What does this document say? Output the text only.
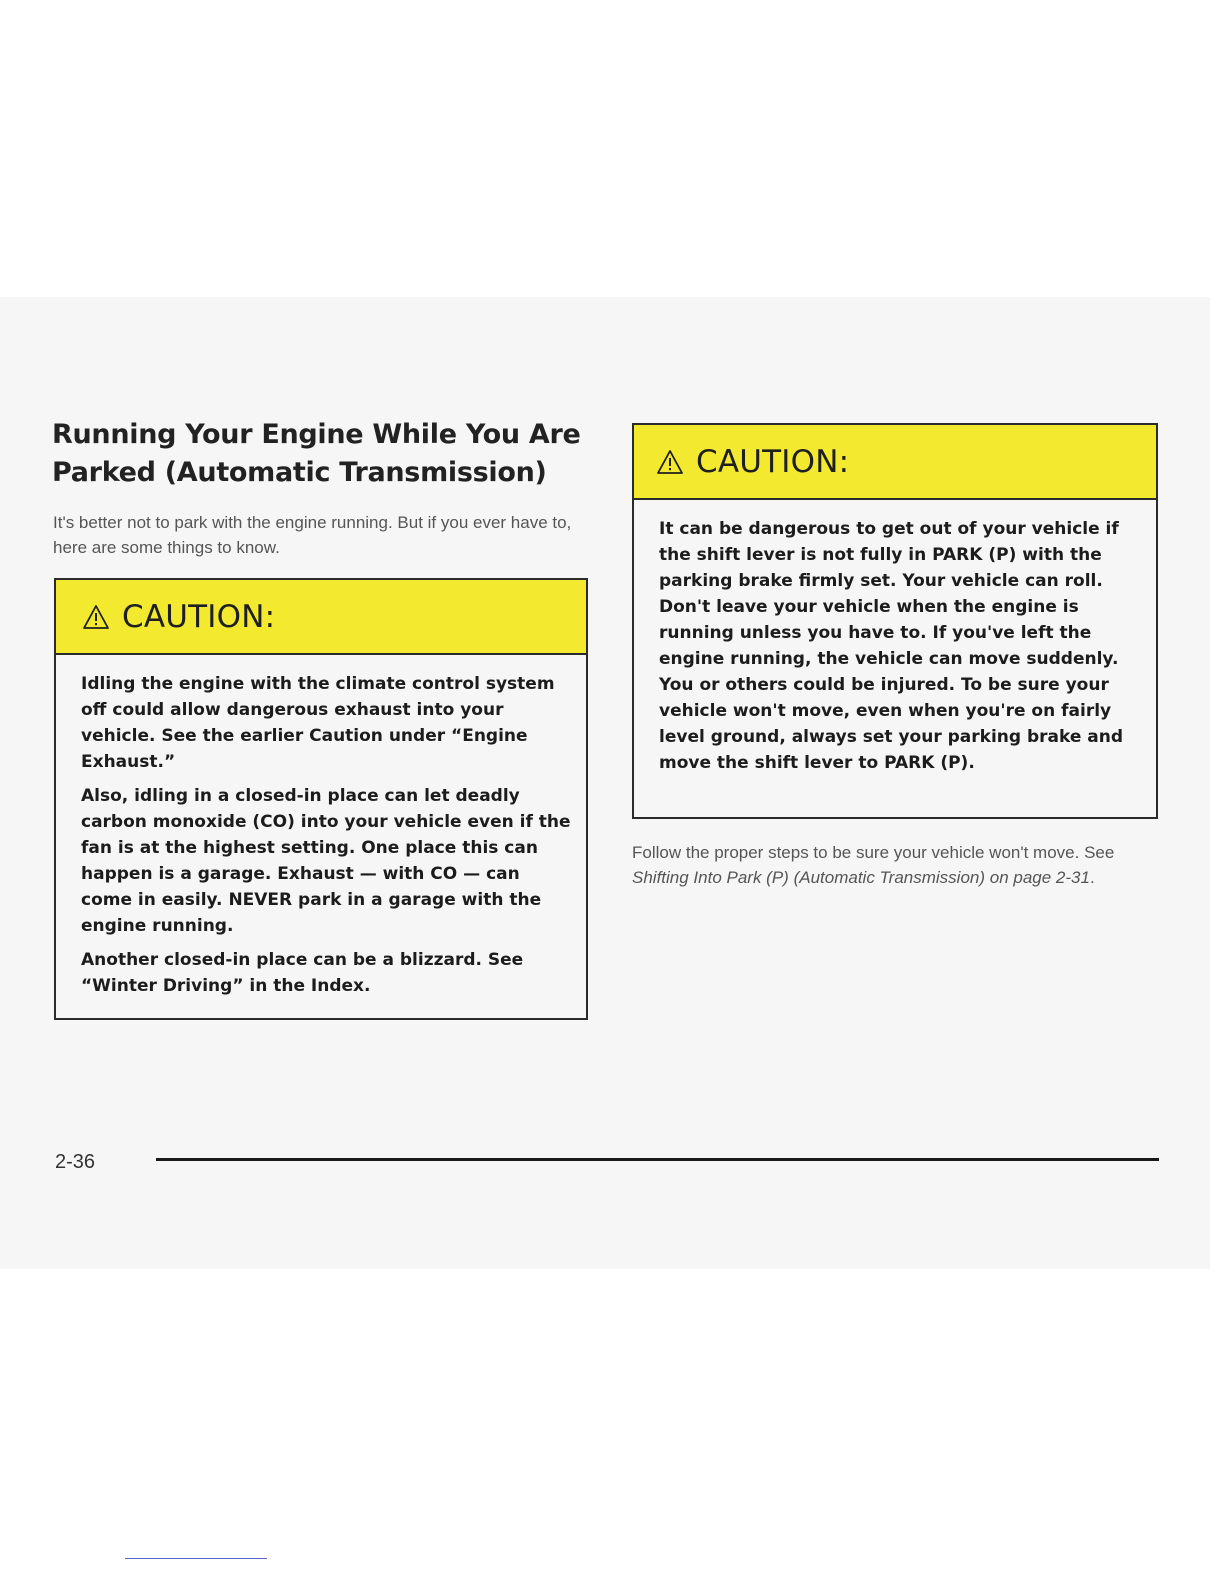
Running Your Engine While You Are Parked (Automatic Transmission)

It's better not to park with the engine running. But if you ever have to, here are some things to know.

CAUTION:

Idling the engine with the climate control system off could allow dangerous exhaust into your vehicle. See the earlier Caution under “Engine Exhaust.”

Also, idling in a closed-in place can let deadly carbon monoxide (CO) into your vehicle even if the fan is at the highest setting. One place this can happen is a garage. Exhaust — with CO — can come in easily. NEVER park in a garage with the engine running.

Another closed-in place can be a blizzard. See “Winter Driving” in the Index.

CAUTION:

It can be dangerous to get out of your vehicle if the shift lever is not fully in PARK (P) with the parking brake firmly set. Your vehicle can roll. Don't leave your vehicle when the engine is running unless you have to. If you've left the engine running, the vehicle can move suddenly. You or others could be injured. To be sure your vehicle won't move, even when you're on fairly level ground, always set your parking brake and move the shift lever to PARK (P).

Follow the proper steps to be sure your vehicle won't move. See Shifting Into Park (P) (Automatic Transmission) on page 2-31.

2-36
